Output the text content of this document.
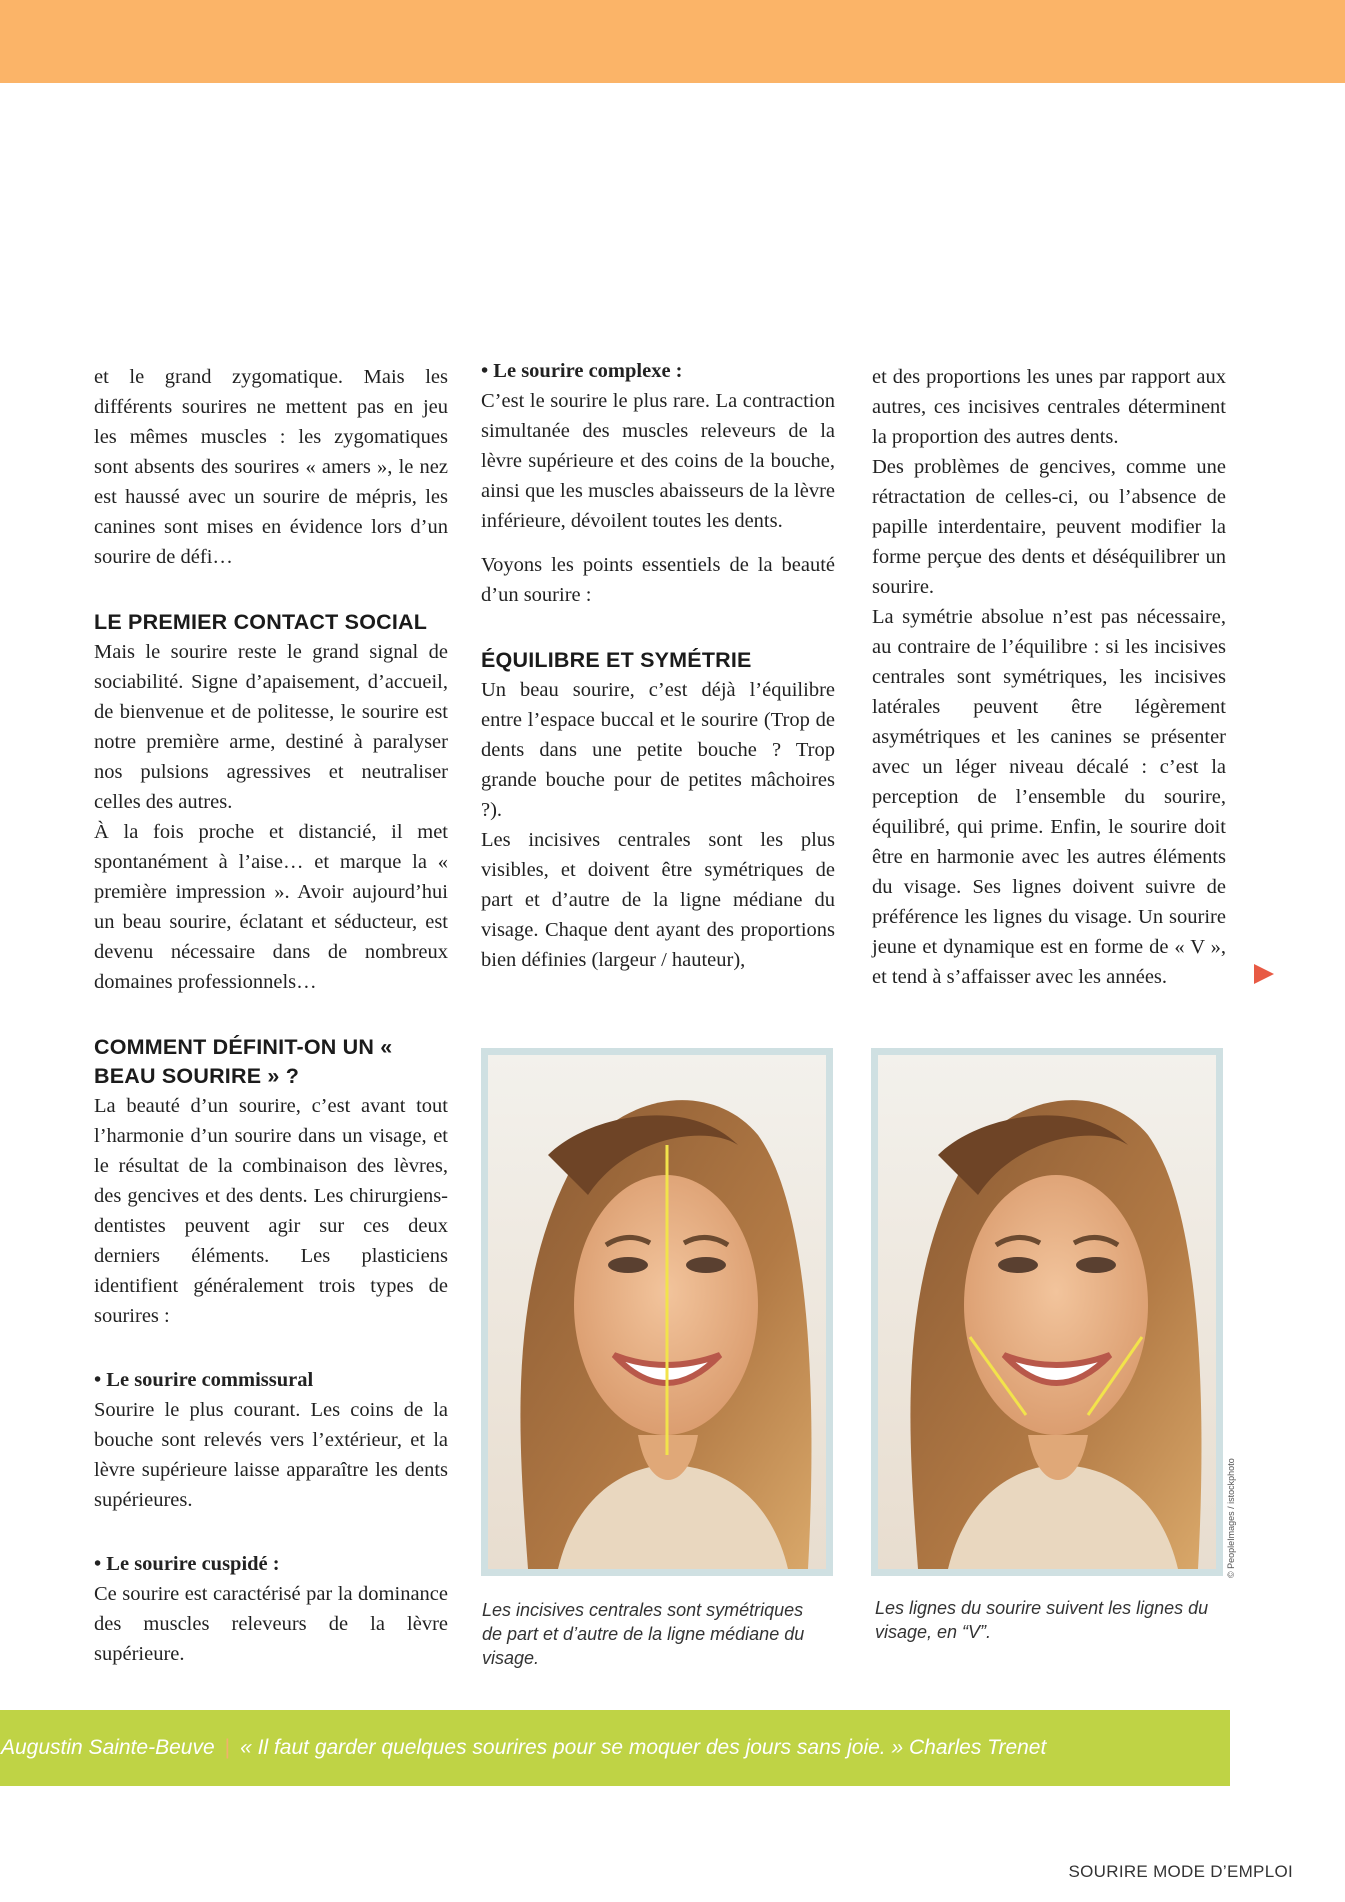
et le grand zygomatique. Mais les différents sourires ne mettent pas en jeu les mêmes muscles : les zygomatiques sont absents des sourires « amers », le nez est haussé avec un sourire de mépris, les canines sont mises en évidence lors d’un sourire de défi…

LE PREMIER CONTACT SOCIAL

Mais le sourire reste le grand signal de sociabilité. Signe d’apaisement, d’accueil, de bienvenue et de politesse, le sourire est notre première arme, destiné à paralyser nos pulsions agressives et neutraliser celles des autres.

À la fois proche et distancié, il met spontanément à l’aise… et marque la « première impression ». Avoir aujourd’hui un beau sourire, éclatant et séducteur, est devenu nécessaire dans de nombreux domaines professionnels…

COMMENT DÉFINIT-ON UN « BEAU SOURIRE » ?

La beauté d’un sourire, c’est avant tout l’harmonie d’un sourire dans un visage, et le résultat de la combinaison des lèvres, des gencives et des dents. Les chirurgiens-dentistes peuvent agir sur ces deux derniers éléments. Les plasticiens identifient généralement trois types de sourires :

• Le sourire commissural

Sourire le plus courant. Les coins de la bouche sont relevés vers l’extérieur, et la lèvre supérieure laisse apparaître les dents supérieures.

• Le sourire cuspidé :

Ce sourire est caractérisé par la dominance des muscles releveurs de la lèvre supérieure.

• Le sourire complexe :

C’est le sourire le plus rare. La contraction simultanée des muscles releveurs de la lèvre supérieure et des coins de la bouche, ainsi que les muscles abaisseurs de la lèvre inférieure, dévoilent toutes les dents.

Voyons les points essentiels de la beauté d’un sourire :

ÉQUILIBRE ET SYMÉTRIE

Un beau sourire, c’est déjà l’équilibre entre l’espace buccal et le sourire (Trop de dents dans une petite bouche ? Trop grande bouche pour de petites mâchoires ?).

Les incisives centrales sont les plus visibles, et doivent être symétriques de part et d’autre de la ligne médiane du visage. Chaque dent ayant des proportions bien définies (largeur / hauteur),

et des proportions les unes par rapport aux autres, ces incisives centrales déterminent la proportion des autres dents.

Des problèmes de gencives, comme une rétractation de celles-ci, ou l’absence de papille interdentaire, peuvent modifier la forme perçue des dents et déséquilibrer un sourire.

La symétrie absolue n’est pas nécessaire, au contraire de l’équilibre : si les incisives centrales sont symétriques, les incisives latérales peuvent être légèrement asymétriques et les canines se présenter avec un léger niveau décalé : c’est la perception de l’ensemble du sourire, équilibré, qui prime. Enfin, le sourire doit être en harmonie avec les autres éléments du visage. Ses lignes doivent suivre de préférence les lignes du visage. Un sourire jeune et dynamique est en forme de « V », et tend à s’affaisser avec les années.

© PeopleImages / istockphoto
Les incisives centrales sont symétriques de part et d’autre de la ligne médiane du visage.
Les lignes du sourire suivent les lignes du visage, en “V”.
Augustin Sainte-Beuve | « Il faut garder quelques sourires pour se moquer des jours sans joie. » Charles Trenet
SOURIRE MODE D’EMPLOI
